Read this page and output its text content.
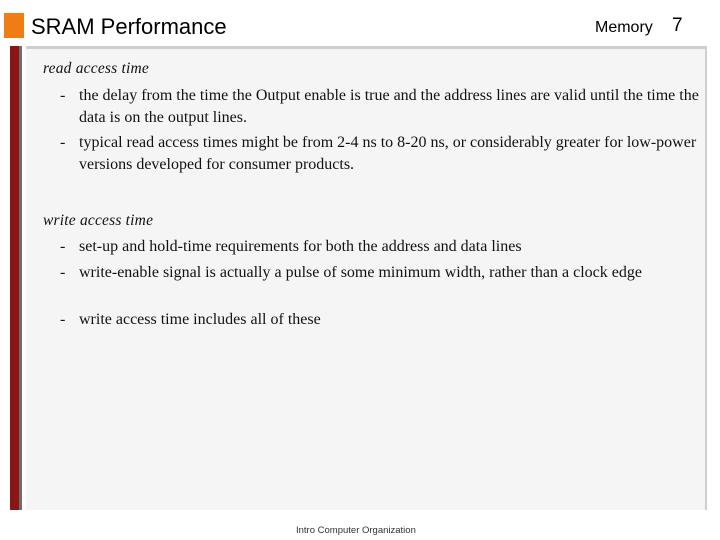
SRAM Performance	Memory 7
read access time
- the delay from the time the Output enable is true and the address lines are valid until the time the data is on the output lines.
- typical read access times might be from 2-4 ns to 8-20 ns, or considerably greater for low-power versions developed for consumer products.
write access time
- set-up and hold-time requirements for both the address and data lines
- write-enable signal is actually a pulse of some minimum width, rather than a clock edge
- write access time includes all of these
Intro Computer Organization
